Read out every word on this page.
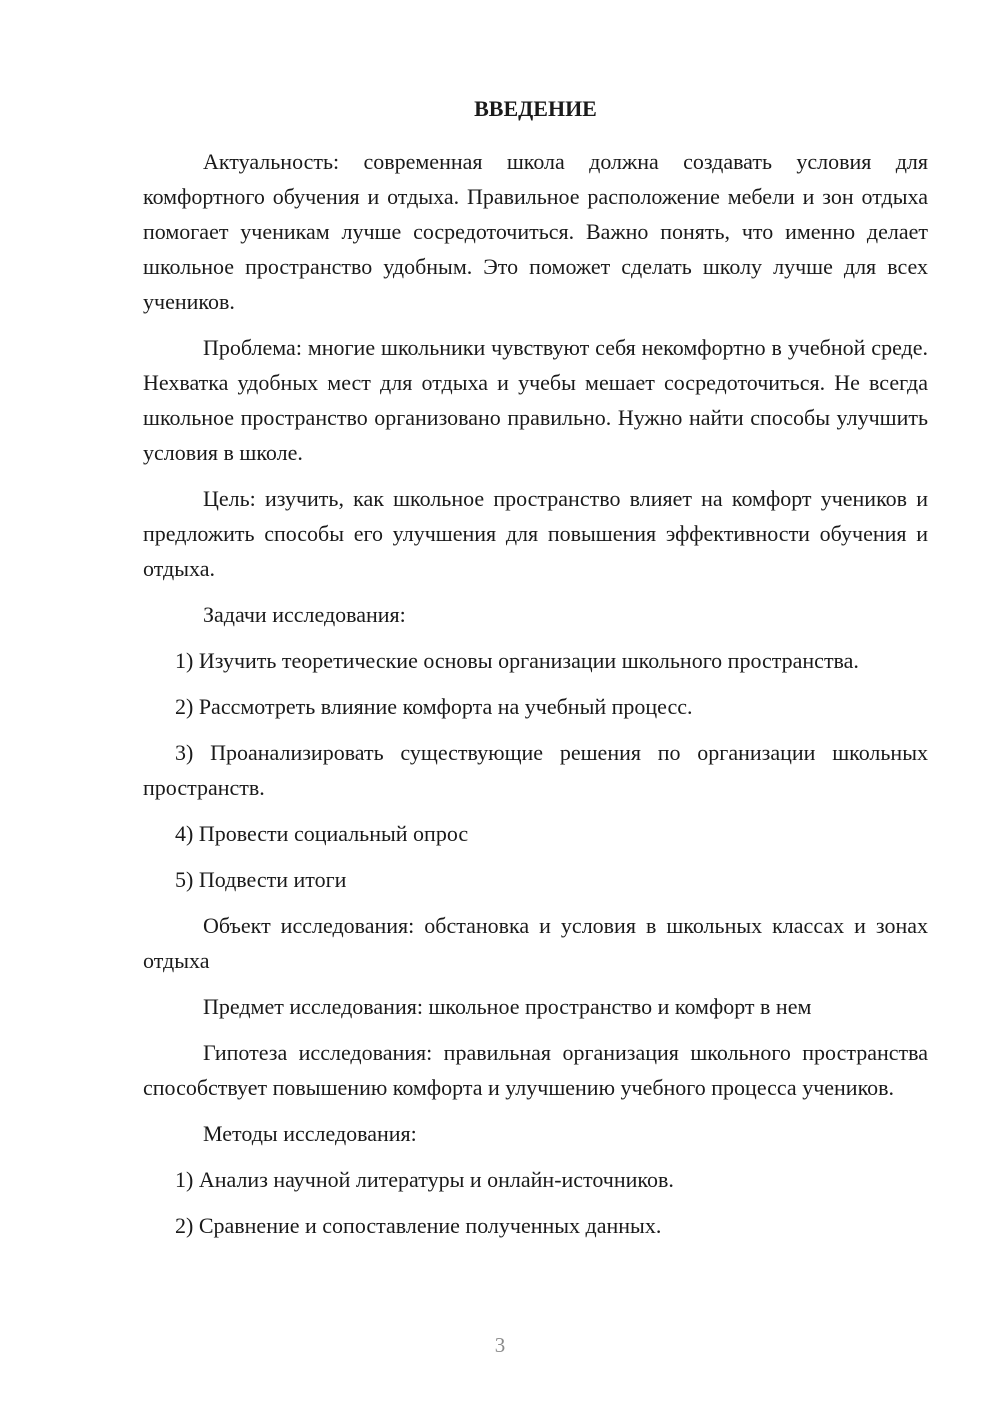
ВВЕДЕНИЕ
Актуальность: современная школа должна создавать условия для комфортного обучения и отдыха. Правильное расположение мебели и зон отдыха помогает ученикам лучше сосредоточиться. Важно понять, что именно делает школьное пространство удобным. Это поможет сделать школу лучше для всех учеников.
Проблема: многие школьники чувствуют себя некомфортно в учебной среде. Нехватка удобных мест для отдыха и учебы мешает сосредоточиться. Не всегда школьное пространство организовано правильно. Нужно найти способы улучшить условия в школе.
Цель: изучить, как школьное пространство влияет на комфорт учеников и предложить способы его улучшения для повышения эффективности обучения и отдыха.
Задачи исследования:
1) Изучить теоретические основы организации школьного пространства.
2) Рассмотреть влияние комфорта на учебный процесс.
3) Проанализировать существующие решения по организации школьных пространств.
4) Провести социальный опрос
5) Подвести итоги
Объект исследования: обстановка и условия в школьных классах и зонах отдыха
Предмет исследования: школьное пространство и комфорт в нем
Гипотеза исследования: правильная организация школьного пространства способствует повышению комфорта и улучшению учебного процесса учеников.
Методы исследования:
1) Анализ научной литературы и онлайн-источников.
2) Сравнение и сопоставление полученных данных.
3
